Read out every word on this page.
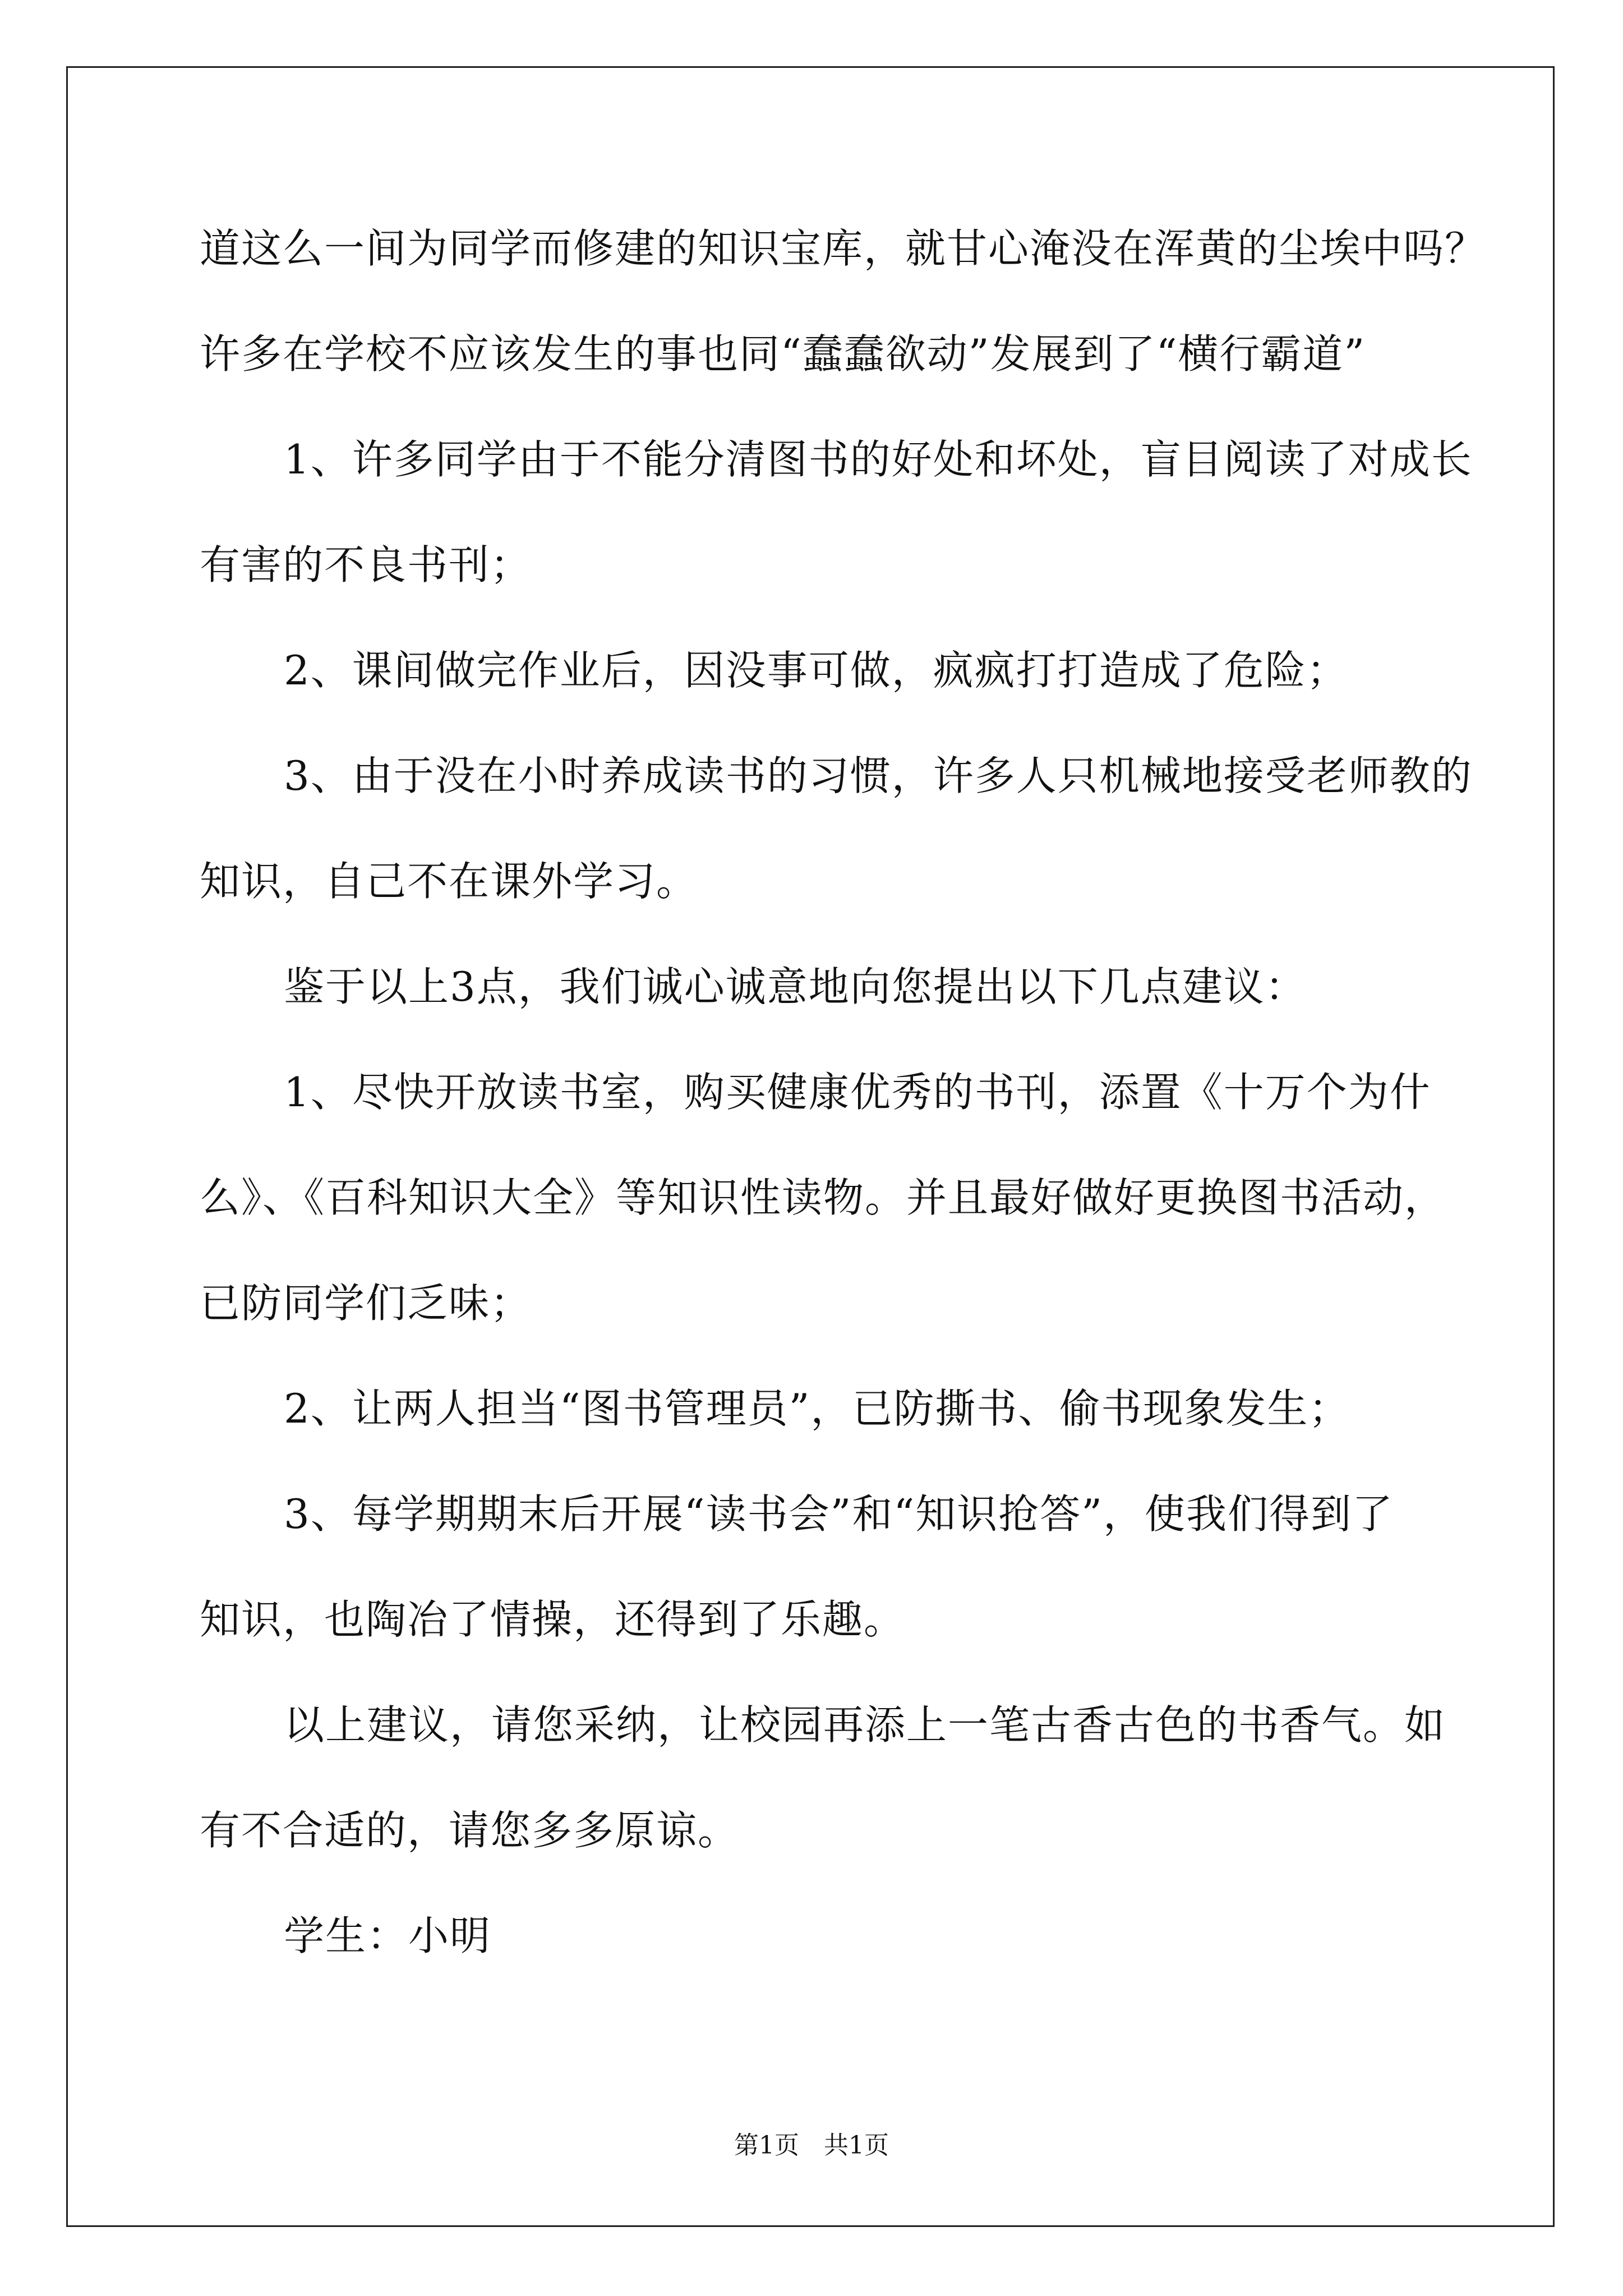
道这么一间为同学而修建的知识宝库，就甘心淹没在浑黄的尘埃中吗？
许多在学校不应该发生的事也同“蠢蠢欲动”发展到了“横行霸道”
1、许多同学由于不能分清图书的好处和坏处，盲目阅读了对成长
有害的不良书刊；
2、课间做完作业后，因没事可做，疯疯打打造成了危险；
3、由于没在小时养成读书的习惯，许多人只机械地接受老师教的
知识，自己不在课外学习。
鉴于以上3点，我们诚心诚意地向您提出以下几点建议：
1、尽快开放读书室，购买健康优秀的书刊，添置《十万个为什
么》、《百科知识大全》等知识性读物。并且最好做好更换图书活动，
已防同学们乏味；
2、让两人担当“图书管理员”，已防撕书、偷书现象发生；
3、每学期期末后开展“读书会”和“知识抢答”，使我们得到了
知识，也陶冶了情操，还得到了乐趣。
以上建议，请您采纳，让校园再添上一笔古香古色的书香气。如
有不合适的，请您多多原谅。
学生：小明
第1页　共1页
